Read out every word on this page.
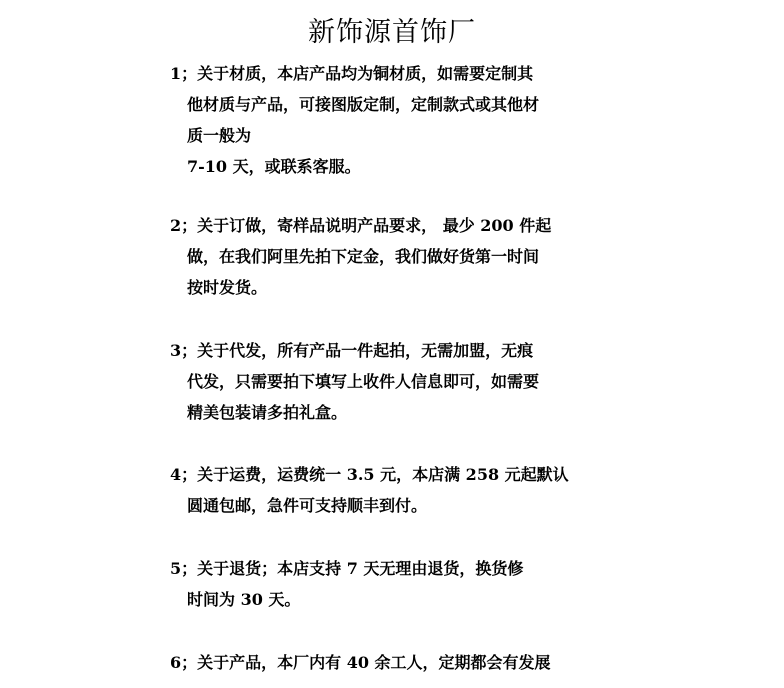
新饰源首饰厂
1；关于材质，本店产品均为铜材质，如需要定制其
他材质与产品，可接图版定制，定制款式或其他材
质一般为
7-10 天，或联系客服。
2；关于订做，寄样品说明产品要求， 最少 200 件起
做，在我们阿里先拍下定金，我们做好货第一时间
按时发货。
3；关于代发，所有产品一件起拍，无需加盟，无痕
代发，只需要拍下填写上收件人信息即可，如需要
精美包装请多拍礼盒。
4；关于运费，运费统一 3.5 元，本店满 258 元起默认
圆通包邮，急件可支持顺丰到付。
5；关于退货；本店支持 7 天无理由退货，换货修
时间为 30 天。
6；关于产品，本厂内有 40 余工人，定期都会有发展
